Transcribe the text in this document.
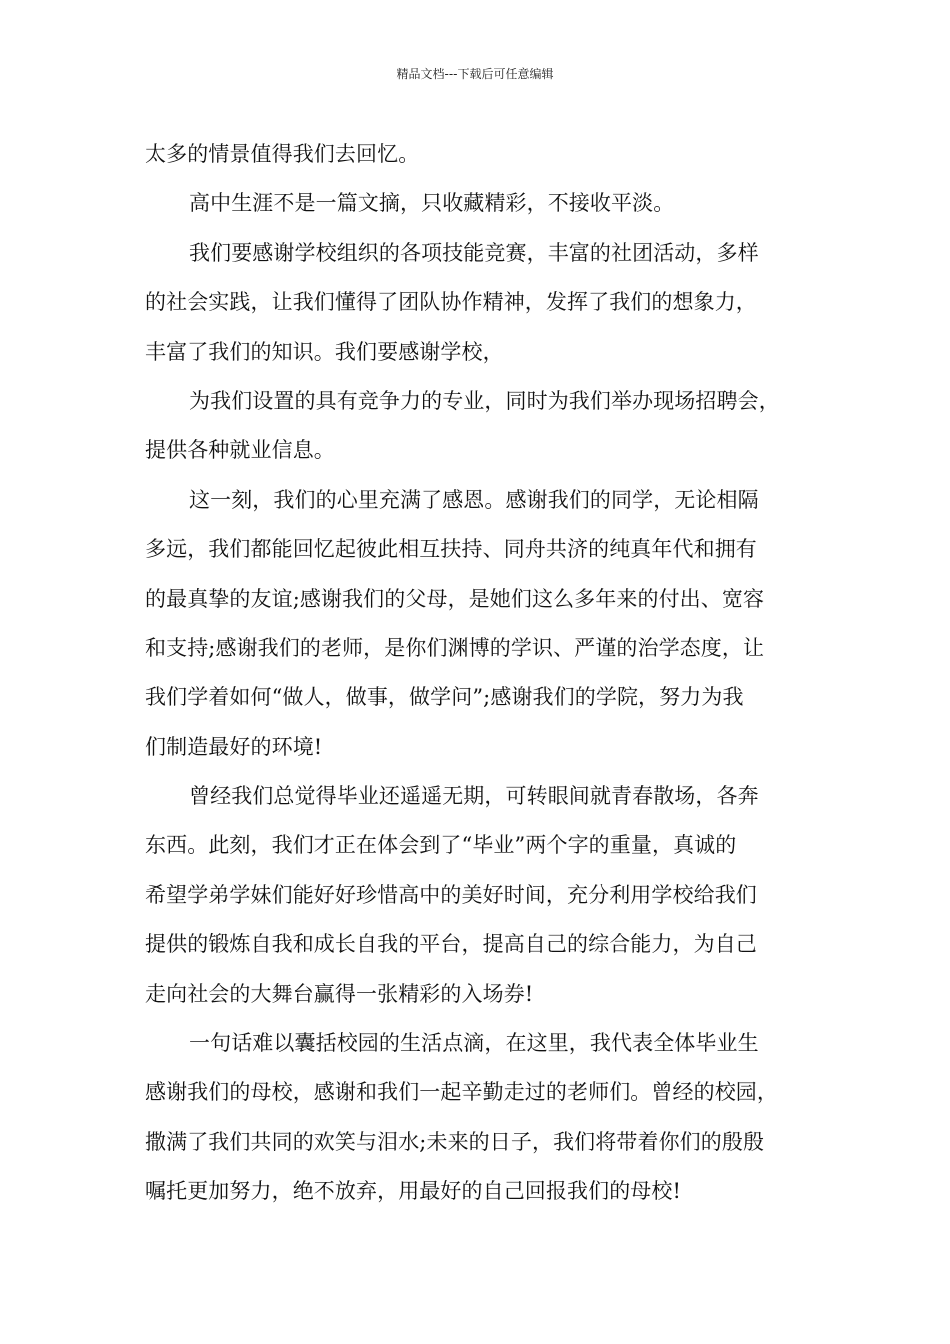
精品文档---下载后可任意编辑
太多的情景值得我们去回忆。
高中生涯不是一篇文摘，只收藏精彩，不接收平淡。
我们要感谢学校组织的各项技能竞赛，丰富的社团活动，多样
的社会实践，让我们懂得了团队协作精神，发挥了我们的想象力，
丰富了我们的知识。我们要感谢学校，
为我们设置的具有竞争力的专业，同时为我们举办现场招聘会，
提供各种就业信息。
这一刻，我们的心里充满了感恩。感谢我们的同学，无论相隔
多远，我们都能回忆起彼此相互扶持、同舟共济的纯真年代和拥有
的最真挚的友谊;感谢我们的父母，是她们这么多年来的付出、宽容
和支持;感谢我们的老师，是你们渊博的学识、严谨的治学态度，让
我们学着如何“做人，做事，做学问”;感谢我们的学院，努力为我
们制造最好的环境!
曾经我们总觉得毕业还遥遥无期，可转眼间就青春散场，各奔
东西。此刻，我们才正在体会到了“毕业”两个字的重量，真诚的
希望学弟学妹们能好好珍惜高中的美好时间，充分利用学校给我们
提供的锻炼自我和成长自我的平台，提高自己的综合能力，为自己
走向社会的大舞台赢得一张精彩的入场券!
一句话难以囊括校园的生活点滴，在这里，我代表全体毕业生
感谢我们的母校，感谢和我们一起辛勤走过的老师们。曾经的校园，
撒满了我们共同的欢笑与泪水;未来的日子，我们将带着你们的殷殷
嘱托更加努力，绝不放弃，用最好的自己回报我们的母校!
